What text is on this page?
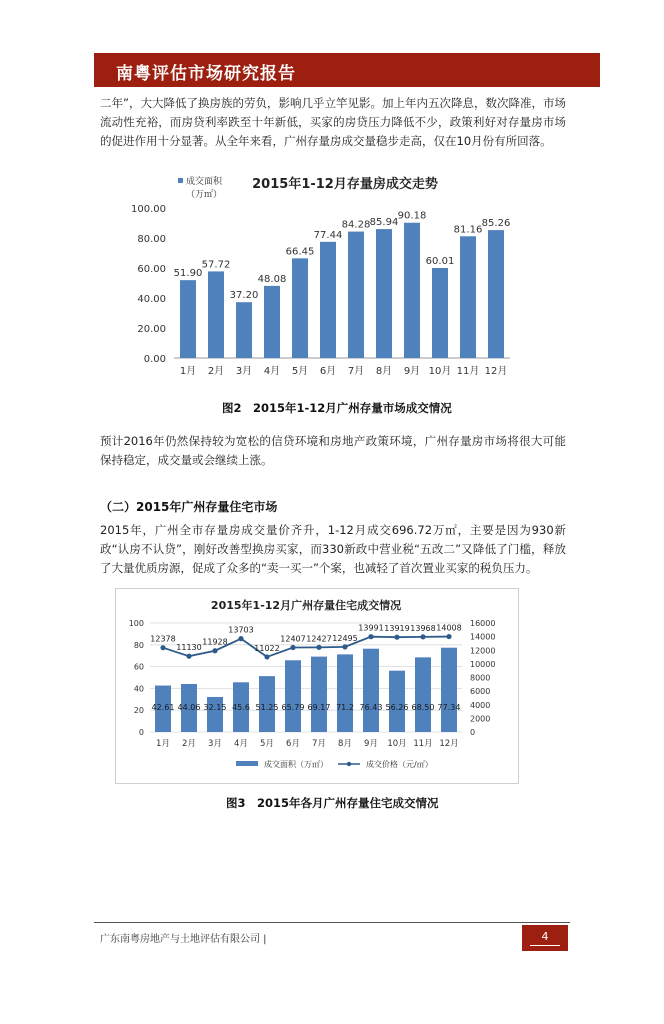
南粤评估市场研究报告
二年”，大大降低了换房族的劳负，影响几乎立竿见影。加上年内五次降息，数次降准，市场流动性充裕，而房贷利率跌至十年新低，买家的房贷压力降低不少，政策利好对存量房市场的促进作用十分显著。从全年来看，广州存量房成交量稳步走高，仅在10月份有所回落。
成交面积
（万㎡）
2015年1-12月存量房成交走势
0.00
20.00
40.00
60.00
80.00
100.00
51.90
1月
57.72
2月
37.20
3月
48.08
4月
66.45
5月
77.44
6月
84.28
7月
85.94
8月
90.18
9月
60.01
10月
81.16
11月
85.26
12月
图2　2015年1-12月广州存量市场成交情况
预计2016年仍然保持较为宽松的信贷环境和房地产政策环境，广州存量房市场将很大可能保持稳定，成交量或会继续上涨。
（二）2015年广州存量住宅市场
2015年，广州全市存量房成交量价齐升，1-12月成交696.72万㎡，主要是因为930新政“认房不认贷”，刚好改善型换房买家，而330新政中营业税“五改二”又降低了门槛，释放了大量优质房源，促成了众多的“卖一买一”个案，也减轻了首次置业买家的税负压力。
2015年1-12月广州存量住宅成交情况
0
20
40
60
80
100
0
2000
4000
6000
8000
10000
12000
14000
16000
42.61
1月
44.06
2月
32.15
3月
45.6
4月
51.25
5月
65.79
6月
69.17
7月
71.2
8月
76.43
9月
56.26
10月
68.50
11月
77.34
12月
12378
11130
11928
13703
11022
12407 12427 12495
13991 13919 13968 14008
成交面积（万㎡）	成交价格（元/㎡）
图3　2015年各月广州存量住宅成交情况
广东南粤房地产与土地评估有限公司 |	4
